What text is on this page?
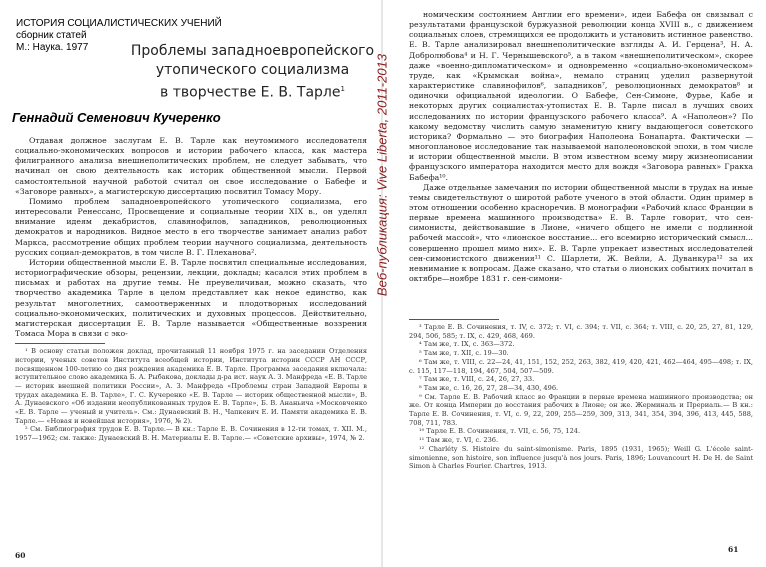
ИСТОРИЯ СОЦИАЛИСТИЧЕСКИХ УЧЕНИЙ
сборник статей
М.: Наука. 1977	Проблемы западноевропейского
утопического социализма
в творчестве Е. В. Тарле$^1$
Геннадий Семенович Кучеренко

Отдавая должное заслугам Е. В. Тарле как неутомимого исследователя социально-экономических вопросов и истории рабочего класса, как мастера филигранного анализа внешнеполитических проблем, не следует забывать, что начинал он свою деятельность как историк общественной мысли. Первой самостоятельной научной работой считал он свое исследование о Бабефе и «Заговоре равных», а магистерскую диссертацию посвятил Томасу Мору.

Помимо проблем западноевропейского утопического социализма, его интересовали Ренессанс, Просвещение и социальные теории XIX в., он уделял внимание идеям декабристов, славянофилов, западников, революционных демократов и народников. Видное место в его творчестве занимает анализ работ Маркса, рассмотрение общих проблем теории научного социализма, деятельность русских социал-демократов, в том числе В. Г. Плеханова².

Истории общественной мысли Е. В. Тарле посвятил специальные исследования, историографические обзоры, рецензии, лекции, доклады; касался этих проблем в письмах и работах на другие темы. Не преувеличивая, можно сказать, что творчество академика Тарле в целом представляет как некое единство, как результат многолетних, самоотверженных и плодотворных исследований социально-экономических, политических и духовных процессов. Действительно, магистерская диссертация Е. В. Тарле называется «Общественные воззрения Томаса Мора в связи с эко-

¹ В основу статьи положен доклад, прочитанный 11 ноября 1975 г. на заседании Отделения истории, ученых советов Института всеобщей истории, Института истории СССР АН СССР, посвященном 100-летию со дня рождения академика Е. В. Тарле. Программа заседания включала: вступительное слово академика Б. А. Рыбакова, доклады д-ра ист. наук А. З. Манфреда «Е. В. Тарле — историк внешней политики России», А. З. Манфреда «Проблемы стран Западной Европы в трудах академика Е. В. Тарле», Г. С. Кучеренко «Е. В. Тарле — историк общественной мысли», В. А. Дунаевского «Об издании неопубликованных трудов Е. В. Тарле», Б. В. Ананьича «Московченко «Е. В. Тарле — ученый и учитель». См.: Дунаевский В. Н., Чапкевич Е. И. Памяти академика Е. В. Тарле.— «Новая и новейшая история», 1976, № 2).

² См. Библиография трудов Е. В. Тарле.— В кн.: Тарле Е. В. Сочинения в 12-ти томах, т. XII. М., 1957—1962; см. также: Дунаевский В. Н. Материалы Е. В. Тарле.— «Советские архивы», 1974, № 2.

60

номическим состоянием Англии его времени», идеи Бабефа он связывал с результатами французской буржуазной революции конца XVIII в., с движением социальных слоев, стремящихся ее продолжить и установить истинное равенство. Е. В. Тарле анализировал внешнеполитические взгляды А. И. Герцена³, Н. А. Добролюбова⁴ и Н. Г. Чернышевского⁵, а в таком «внешнеполитическом», скорее даже «военно-дипломатическом» и одновременно «социально-экономическом» труде, как «Крымская война», немало страниц уделил развернутой характеристике славянофилов⁶, западников⁷, революционных демократов⁸ и одиночки официальной идеологии. О Бабефе, Сен-Симоне, Фурье, Кабе и некоторых других социалистах-утопистах Е. В. Тарле писал в лучших своих исследованиях по истории французского рабочего класса⁹. А «Наполеон»? По какому ведомству числить самую знаменитую книгу выдающегося советского историка? Формально — это биография Наполеона Бонапарта. Фактически — многоплановое исследование так называемой наполеоновской эпохи, в том числе и истории общественной мысли. В этом известном всему миру жизнеописании французского императора находится место для вождя «Заговора равных» Гракха Бабефа¹⁰.

Даже отдельные замечания по истории общественной мысли в трудах на иные темы свидетельствуют о широтой работе ученого в этой области. Один пример в этом отношении особенно красноречив. В монографии «Рабочий класс Франции в первые времена машинного производства» Е. В. Тарле говорит, что сен-симонисты, действовавшие в Лионе, «ничего общего не имели с подлинной рабочей массой», что «лионское восстание... его всемирно исторический смысл... совершенно прошел мимо них». Е. В. Тарле упрекает известных исследователей сен-симонистского движения¹¹ С. Шарлети, Ж. Вейли, А. Дуванкура¹² за их невнимание к вопросам. Даже сказано, что статьи о лионских событиях почитал в октябре—ноябре 1831 г. сен-симони-

³ Тарле Е. В. Сочинения, т. IV, с. 372; т. VI, с. 394; т. VII, с. 364; т. VIII, с. 20, 25, 27, 81, 129, 294, 506, 585; т. IX, с. 429, 468, 469.

⁴ Там же, т. IX, с. 363—372.

⁵ Там же, т. XII, с. 19—30.

⁶ Там же, т. VIII, с. 22—24, 41, 151, 152, 252, 263, 382, 419, 420, 421, 462—464, 495—498; т. IX, с. 115, 117—118, 194, 467, 504, 507—509.

⁷ Там же, т. VIII, с. 24, 26, 27, 33.

⁸ Там же, с. 16, 26, 27, 28—34, 430, 496.

⁹ См. Тарле Е. В. Рабочий класс во Франции в первые времена машинного производства; он же. От конца Империи до восстания рабочих в Лионе; он же. Жерминаль и Прериаль.— В кн.: Тарле Е. В. Сочинения, т. VI, с. 9, 22, 209, 255—259, 309, 313, 341, 354, 394, 396, 413, 445, 588, 708, 711, 783.

¹⁰ Тарле Е. В. Сочинения, т. VII, с. 56, 75, 124.

¹¹ Там же, т. VI, с. 236.

¹² Charléty S. Histoire du saint-simonisme. Paris, 1895 (1931, 1965); Weill G. L'école saint-simonienne, son histoire, son influence jusqu'à nos jours. Paris, 1896; Louvancourt H. De H. de Saint Simon à Charles Fourier. Chartres, 1913.

61
Веб-публикация: Vive Liberta, 2011-2013
